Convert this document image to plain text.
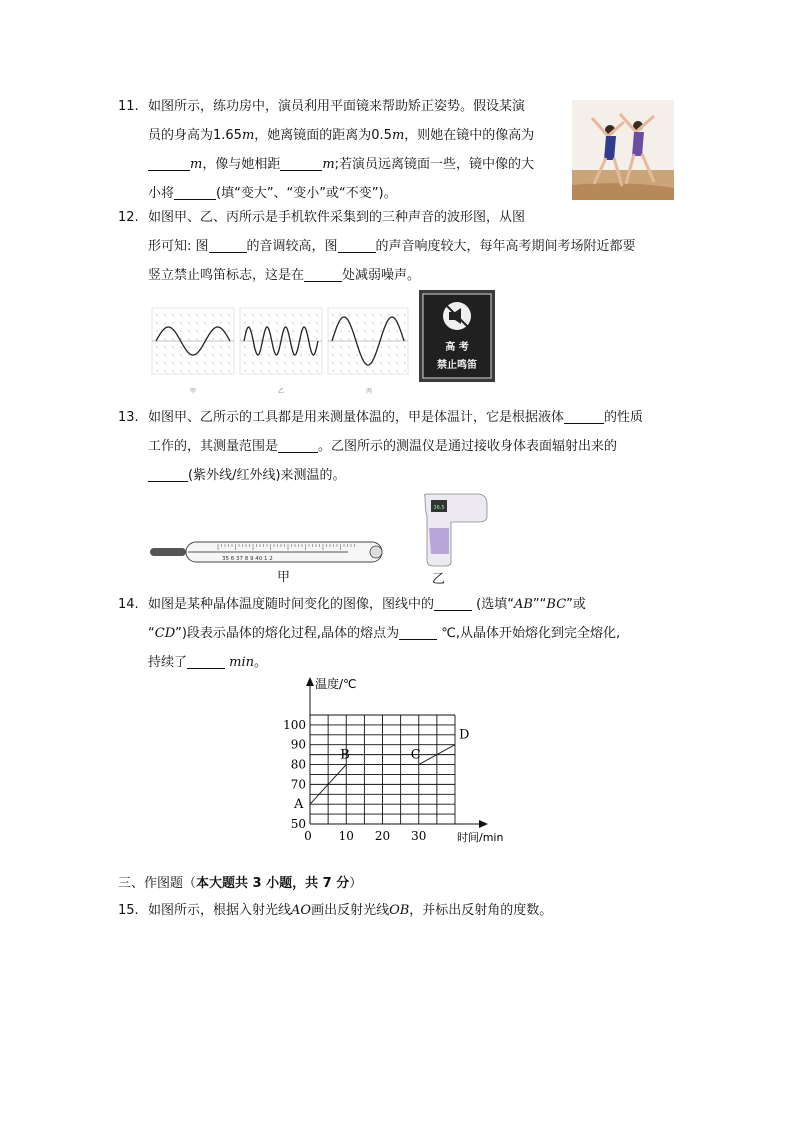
11. 如图所示，练功房中，演员利用平面镜来帮助矫正姿势。假设某演
员的身高为1.65m，她离镜面的距离为0.5m，则她在镜中的像高为
m，像与她相距	m;若演员远离镜面一些，镜中像的大
小将	(填“变大”、“变小”或“不变”)。
12. 如图甲、乙、丙所示是手机软件采集到的三种声音的波形图，从图
形可知: 图	的音调较高，图	的声音响度较大，每年高考期间考场附近都要
竖立禁止鸣笛标志，这是在	处减弱噪声。
甲	乙	丙
高 考
禁止鸣笛
13. 如图甲、乙所示的工具都是用来测量体温的，甲是体温计，它是根据液体	的性质
工作的，其测量范围是	。乙图所示的测温仪是通过接收身体表面辐射出来的
(紫外线/红外线)来测温的。
35 6 37 8 9 40 1 2
甲
36.5
乙
14. 如图是某种晶体温度随时间变化的图像，图线中的	(选填“AB”“BC”或
“CD”)段表示晶体的熔化过程,晶体的熔点为	℃,从晶体开始熔化到完全熔化,
持续了	min。
50
70
80
90
100
0 10 20 30
A
B	C
D
温度/℃
时间/min
三、作图题（本大题共 3 小题，共 7 分）
15. 如图所示，根据入射光线AO画出反射光线OB，并标出反射角的度数。
